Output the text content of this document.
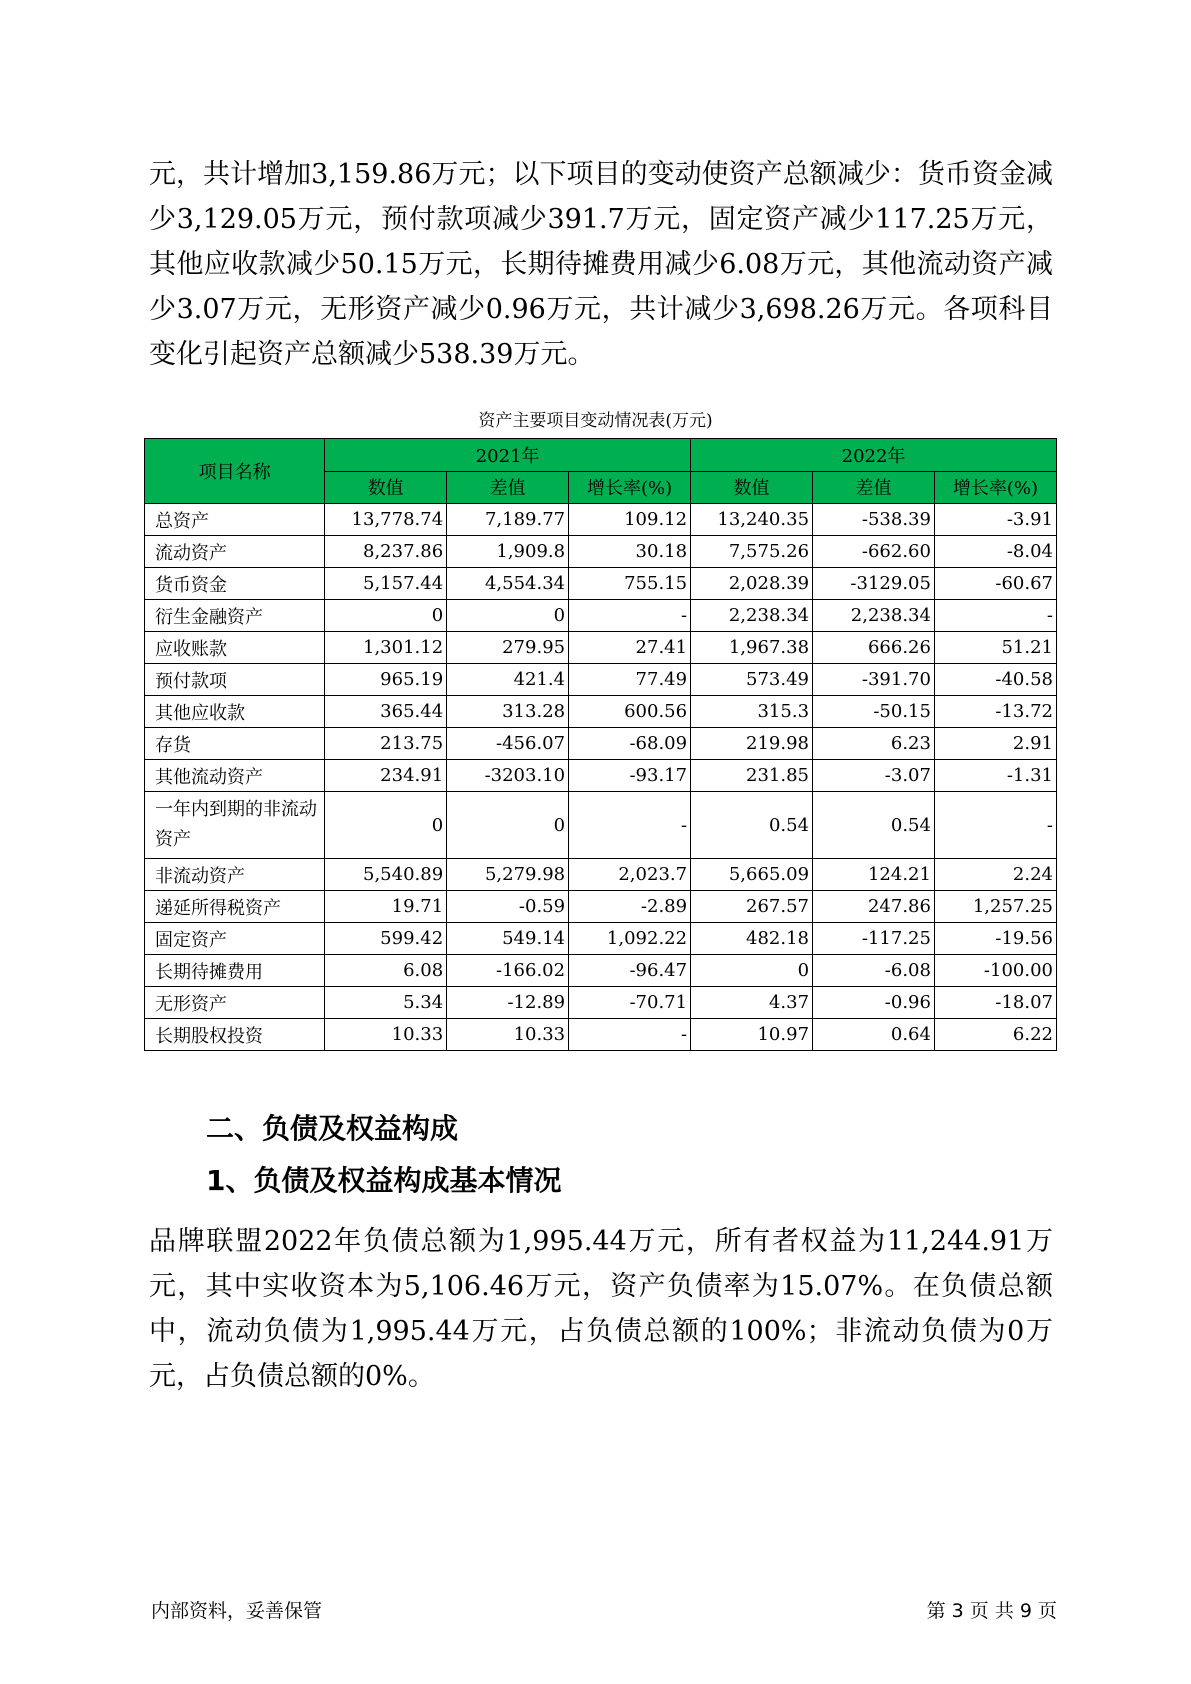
元，共计增加3,159.86万元；以下项目的变动使资产总额减少：货币资金减少3,129.05万元，预付款项减少391.7万元，固定资产减少117.25万元，其他应收款减少50.15万元，长期待摊费用减少6.08万元，其他流动资产减少3.07万元，无形资产减少0.96万元，共计减少3,698.26万元。各项科目变化引起资产总额减少538.39万元。

资产主要项目变动情况表(万元)
项目名称	2021年			2022年		
	数值	差值	增长率(%)	数值	差值	增长率(%)
总资产	13,778.74	7,189.77	109.12	13,240.35	-538.39	-3.91
流动资产	8,237.86	1,909.8	30.18	7,575.26	-662.60	-8.04
货币资金	5,157.44	4,554.34	755.15	2,028.39	-3129.05	-60.67
衍生金融资产	0	0	-	2,238.34	2,238.34	-
应收账款	1,301.12	279.95	27.41	1,967.38	666.26	51.21
预付款项	965.19	421.4	77.49	573.49	-391.70	-40.58
其他应收款	365.44	313.28	600.56	315.3	-50.15	-13.72
存货	213.75	-456.07	-68.09	219.98	6.23	2.91
其他流动资产	234.91	-3203.10	-93.17	231.85	-3.07	-1.31
一年内到期的非流动资产	0	0	-	0.54	0.54	-
非流动资产	5,540.89	5,279.98	2,023.7	5,665.09	124.21	2.24
递延所得税资产	19.71	-0.59	-2.89	267.57	247.86	1,257.25
固定资产	599.42	549.14	1,092.22	482.18	-117.25	-19.56
长期待摊费用	6.08	-166.02	-96.47	0	-6.08	-100.00
无形资产	5.34	-12.89	-70.71	4.37	-0.96	-18.07
长期股权投资	10.33	10.33	-	10.97	0.64	6.22
二、负债及权益构成
1、负债及权益构成基本情况

品牌联盟2022年负债总额为1,995.44万元，所有者权益为11,244.91万元，其中实收资本为5,106.46万元，资产负债率为15.07%。在负债总额中，流动负债为1,995.44万元，占负债总额的100%；非流动负债为0万元，占负债总额的0%。

内部资料，妥善保管	第 3 页 共 9 页
